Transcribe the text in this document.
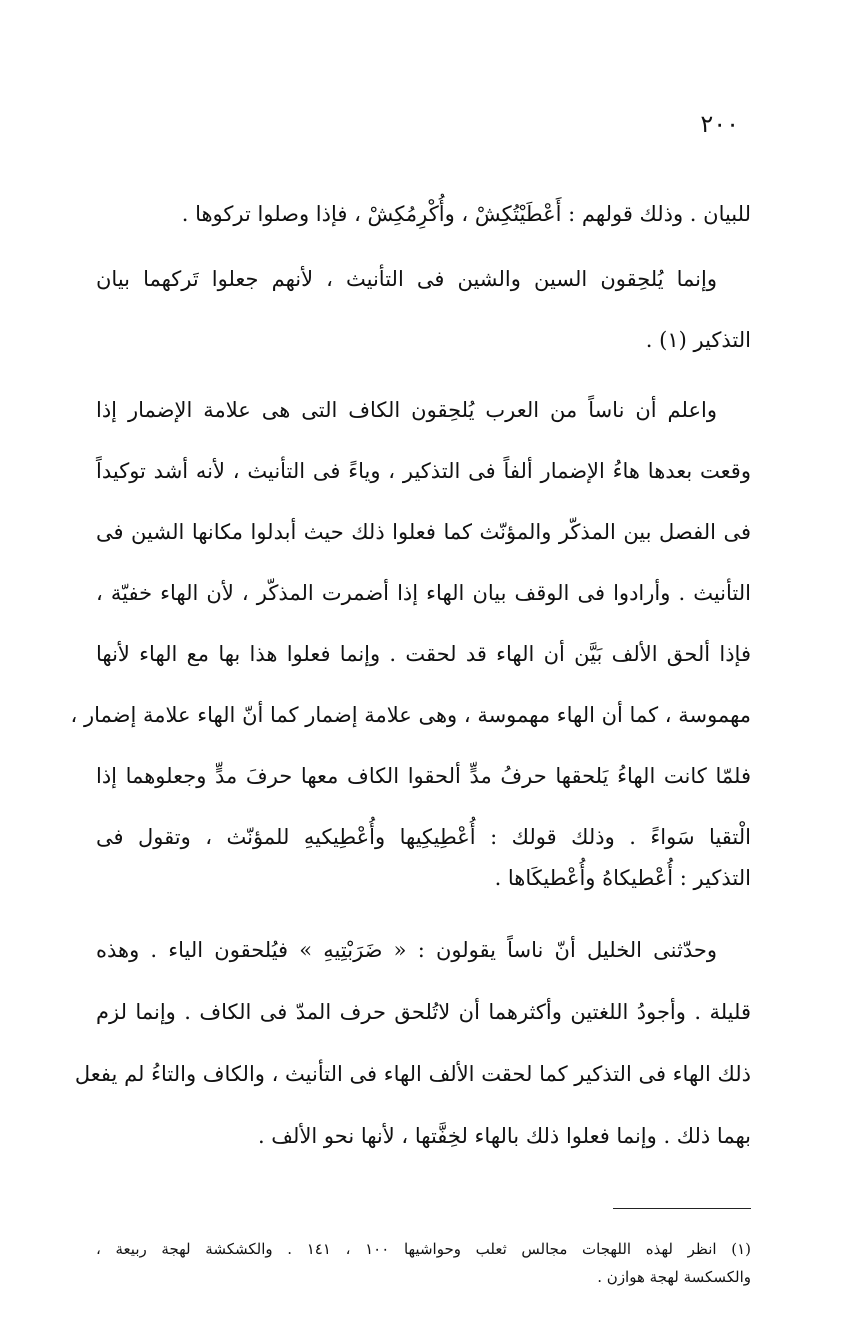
٢٠٠
للبيان . وذلك قولهم : أَعْطَيْتُكِشْ ، وأُكْرِمُكِشْ ، فإذا وصلوا تركوها .
وإنما يُلحِقون السين والشين فى التأنيث ، لأنهم جعلوا تَركهما بيان
التذكير (١) .
واعلم أن ناساً من العرب يُلحِقون الكاف التى هى علامة الإضمار إذا
وقعت بعدها هاءُ الإضمار ألفاً فى التذكير ، وياءً فى التأنيث ، لأنه أشد توكيداً
فى الفصل بين المذكّر والمؤنّث كما فعلوا ذلك حيث أبدلوا مكانها الشين فى
التأنيث . وأرادوا فى الوقف بيان الهاء إذا أضمرت المذكّر ، لأن الهاء خفيّة ،
فإذا ألحق الألف بَيَّن أن الهاء قد لحقت . وإنما فعلوا هذا بها مع الهاء لأنها
مهموسة ، كما أن الهاء مهموسة ، وهى علامة إضمار كما أنّ الهاء علامة إضمار ،
فلمّا كانت الهاءُ يَلحقها حرفُ مدٍّ ألحقوا الكاف معها حرفَ مدٍّ وجعلوهما إذا
الْتقيا سَواءً . وذلك قولك : أُعْطِيكِيها وأُعْطِيكيهِ للمؤنّث ، وتقول فى
التذكير : أُعْطيكاهُ وأُعْطيكَاها .
وحدّثنى الخليل أنّ ناساً يقولون : « ضَرَبْتِيهِ » فيُلحقون الياء . وهذه
قليلة . وأجودُ اللغتين وأكثرهما أن لاتُلحق حرف المدّ فى الكاف . وإنما لزم
ذلك الهاء فى التذكير كما لحقت الألف الهاء فى التأنيث ، والكاف والتاءُ لم يفعل
بهما ذلك . وإنما فعلوا ذلك بالهاء لخِفَّتها ، لأنها نحو الألف .
(١) انظر لهذه اللهجات مجالس ثعلب وحواشيها ١٠٠ ، ١٤١ . والكشكشة لهجة ربيعة ،
والكسكسة لهجة هوازن .
